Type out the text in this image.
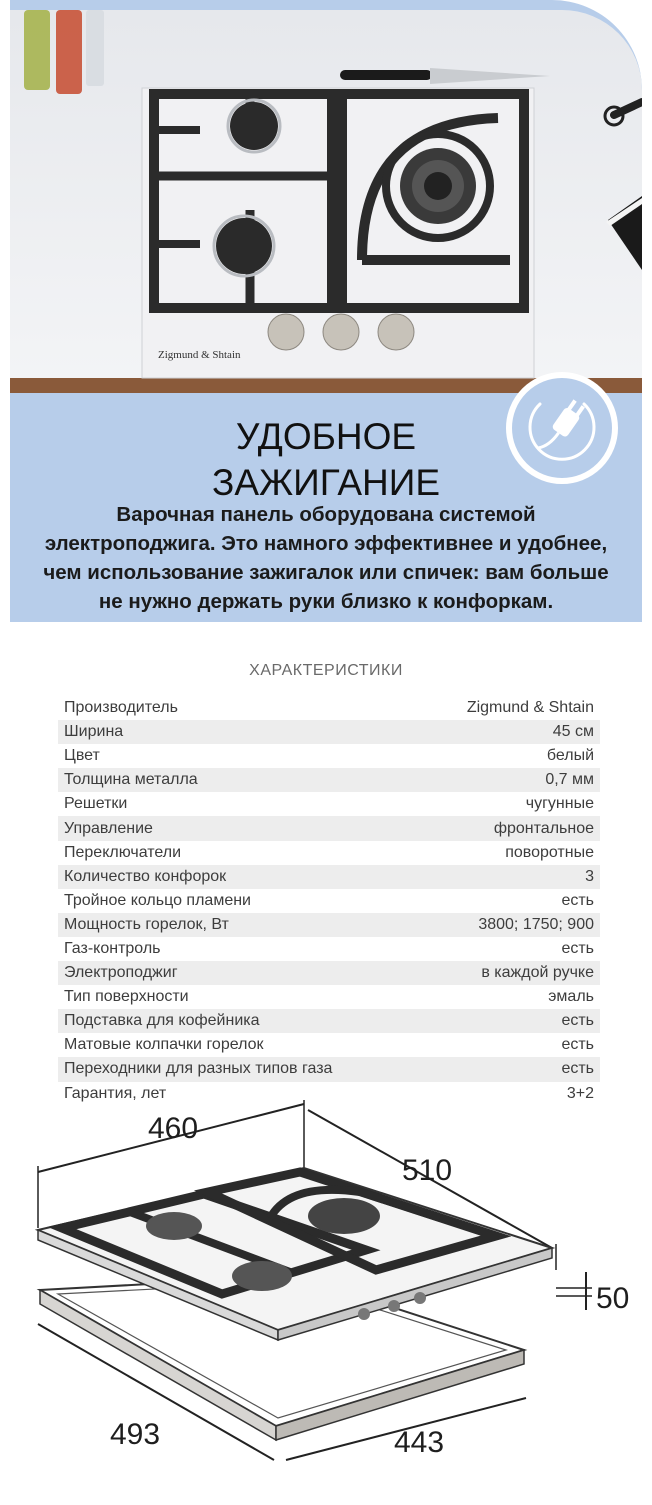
Zigmund & Shtain
УДОБНОЕ
ЗАЖИГАНИЕ
Варочная панель оборудована системой
электроподжига. Это намного эффективнее и удобнее,
чем использование зажигалок или спичек: вам больше
не нужно держать руки близко к конфоркам.
ХАРАКТЕРИСТИКИ
Производитель	Zigmund & Shtain
Ширина	45 см
Цвет	белый
Толщина металла	0,7 мм
Решетки	чугунные
Управление	фронтальное
Переключатели	поворотные
Количество конфорок	3
Тройное кольцо пламени	есть
Мощность горелок, Вт	3800; 1750; 900
Газ-контроль	есть
Электроподжиг	в каждой ручке
Тип поверхности	эмаль
Подставка для кофейника	есть
Матовые колпачки горелок	есть
Переходники для разных типов газа	есть
Гарантия, лет	3+2
460
510
50
493	443
